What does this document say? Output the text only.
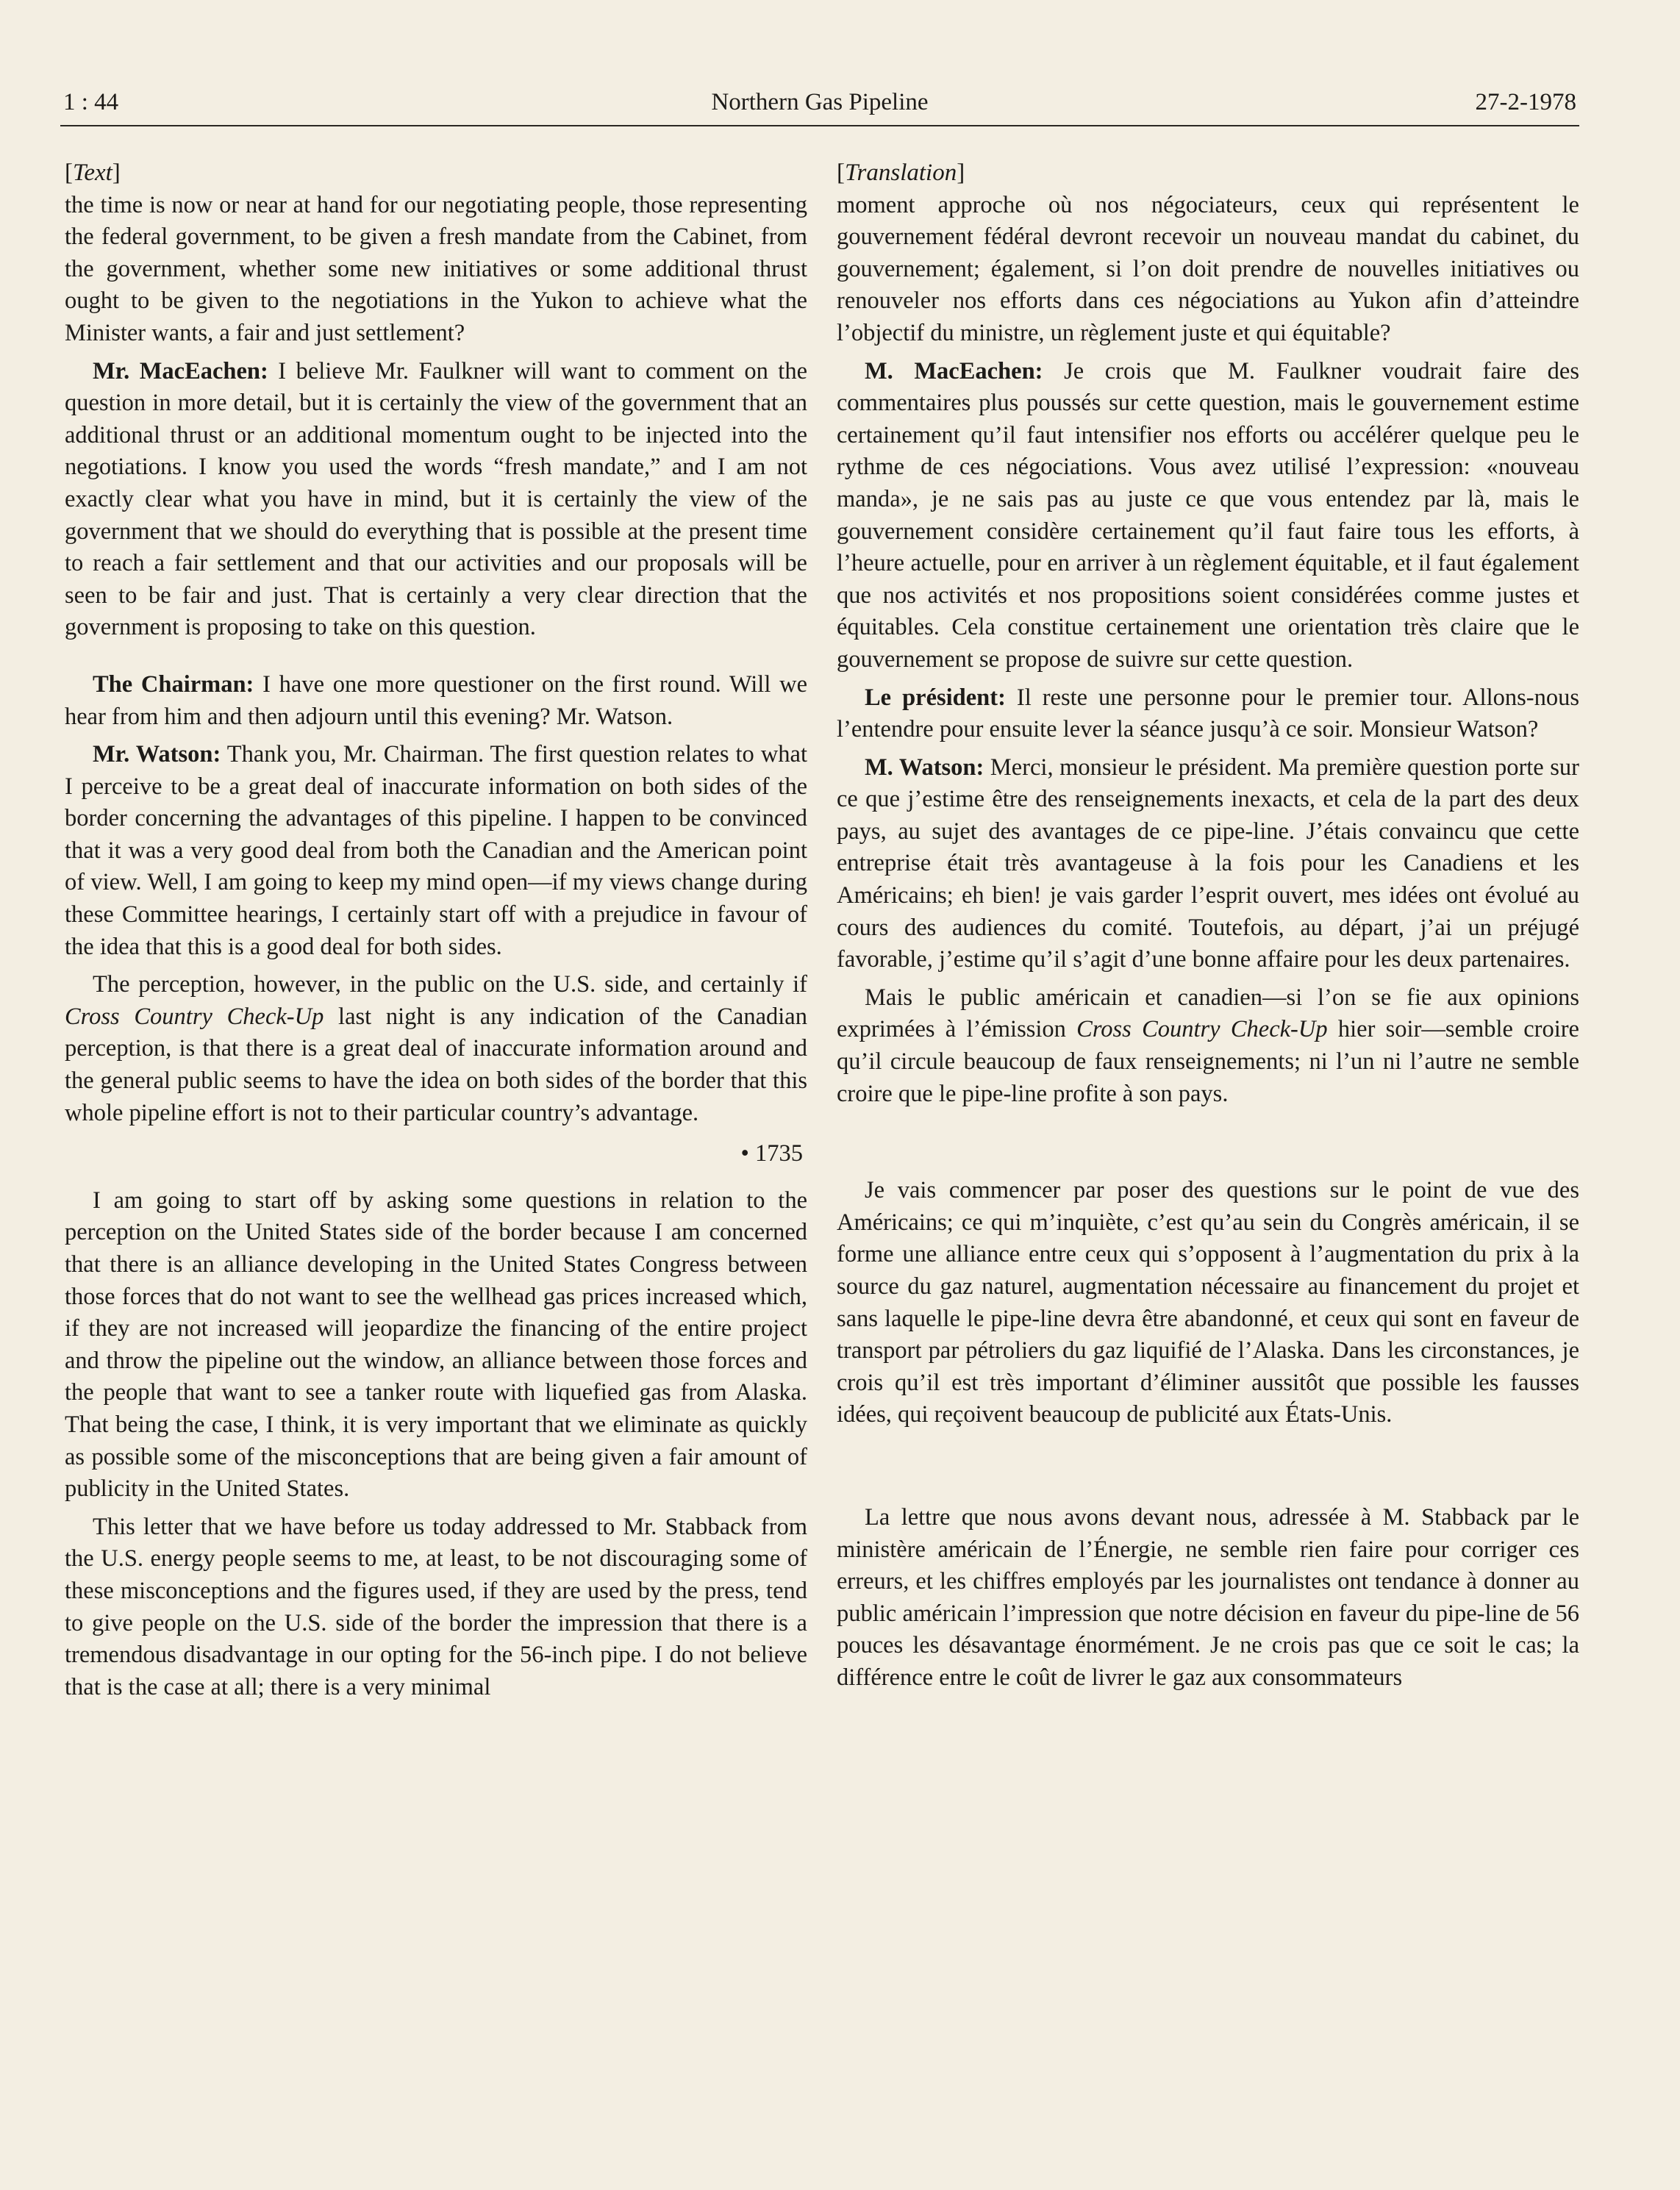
1 : 44	Northern Gas Pipeline	27-2-1978

[Text]

the time is now or near at hand for our negotiating people, those representing the federal government, to be given a fresh mandate from the Cabinet, from the government, whether some new initiatives or some additional thrust ought to be given to the negotiations in the Yukon to achieve what the Minister wants, a fair and just settlement?

Mr. MacEachen: I believe Mr. Faulkner will want to comment on the question in more detail, but it is certainly the view of the government that an additional thrust or an additional momentum ought to be injected into the negotiations. I know you used the words “fresh mandate,” and I am not exactly clear what you have in mind, but it is certainly the view of the government that we should do everything that is possible at the present time to reach a fair settlement and that our activities and our proposals will be seen to be fair and just. That is certainly a very clear direction that the government is proposing to take on this question.

The Chairman: I have one more questioner on the first round. Will we hear from him and then adjourn until this evening? Mr. Watson.

Mr. Watson: Thank you, Mr. Chairman. The first question relates to what I perceive to be a great deal of inaccurate information on both sides of the border concerning the advantages of this pipeline. I happen to be convinced that it was a very good deal from both the Canadian and the American point of view. Well, I am going to keep my mind open—if my views change during these Committee hearings, I certainly start off with a prejudice in favour of the idea that this is a good deal for both sides.

The perception, however, in the public on the U.S. side, and certainly if Cross Country Check-Up last night is any indication of the Canadian perception, is that there is a great deal of inaccurate information around and the general public seems to have the idea on both sides of the border that this whole pipeline effort is not to their particular country’s advantage.

• 1735

I am going to start off by asking some questions in relation to the perception on the United States side of the border because I am concerned that there is an alliance developing in the United States Congress between those forces that do not want to see the wellhead gas prices increased which, if they are not increased will jeopardize the financing of the entire project and throw the pipeline out the window, an alliance between those forces and the people that want to see a tanker route with liquefied gas from Alaska. That being the case, I think, it is very important that we eliminate as quickly as possible some of the misconceptions that are being given a fair amount of publicity in the United States.

This letter that we have before us today addressed to Mr. Stabback from the U.S. energy people seems to me, at least, to be not discouraging some of these misconceptions and the figures used, if they are used by the press, tend to give people on the U.S. side of the border the impression that there is a tremendous disadvantage in our opting for the 56-inch pipe. I do not believe that is the case at all; there is a very minimal

[Translation]

moment approche où nos négociateurs, ceux qui représentent le gouvernement fédéral devront recevoir un nouveau mandat du cabinet, du gouvernement; également, si l’on doit prendre de nouvelles initiatives ou renouveler nos efforts dans ces négociations au Yukon afin d’atteindre l’objectif du ministre, un règlement juste et qui équitable?

M. MacEachen: Je crois que M. Faulkner voudrait faire des commentaires plus poussés sur cette question, mais le gouvernement estime certainement qu’il faut intensifier nos efforts ou accélérer quelque peu le rythme de ces négociations. Vous avez utilisé l’expression: «nouveau manda», je ne sais pas au juste ce que vous entendez par là, mais le gouvernement considère certainement qu’il faut faire tous les efforts, à l’heure actuelle, pour en arriver à un règlement équitable, et il faut également que nos activités et nos propositions soient considérées comme justes et équitables. Cela constitue certainement une orientation très claire que le gouvernement se propose de suivre sur cette question.

Le président: Il reste une personne pour le premier tour. Allons-nous l’entendre pour ensuite lever la séance jusqu’à ce soir. Monsieur Watson?

M. Watson: Merci, monsieur le président. Ma première question porte sur ce que j’estime être des renseignements inexacts, et cela de la part des deux pays, au sujet des avantages de ce pipe-line. J’étais convaincu que cette entreprise était très avantageuse à la fois pour les Canadiens et les Américains; eh bien! je vais garder l’esprit ouvert, mes idées ont évolué au cours des audiences du comité. Toutefois, au départ, j’ai un préjugé favorable, j’estime qu’il s’agit d’une bonne affaire pour les deux partenaires.

Mais le public américain et canadien—si l’on se fie aux opinions exprimées à l’émission Cross Country Check-Up hier soir—semble croire qu’il circule beaucoup de faux renseignements; ni l’un ni l’autre ne semble croire que le pipe-line profite à son pays.

Je vais commencer par poser des questions sur le point de vue des Américains; ce qui m’inquiète, c’est qu’au sein du Congrès américain, il se forme une alliance entre ceux qui s’opposent à l’augmentation du prix à la source du gaz naturel, augmentation nécessaire au financement du projet et sans laquelle le pipe-line devra être abandonné, et ceux qui sont en faveur de transport par pétroliers du gaz liquifié de l’Alaska. Dans les circonstances, je crois qu’il est très important d’éliminer aussitôt que possible les fausses idées, qui reçoivent beaucoup de publicité aux États-Unis.

La lettre que nous avons devant nous, adressée à M. Stabback par le ministère américain de l’Énergie, ne semble rien faire pour corriger ces erreurs, et les chiffres employés par les journalistes ont tendance à donner au public américain l’impression que notre décision en faveur du pipe-line de 56 pouces les désavantage énormément. Je ne crois pas que ce soit le cas; la différence entre le coût de livrer le gaz aux consommateurs
